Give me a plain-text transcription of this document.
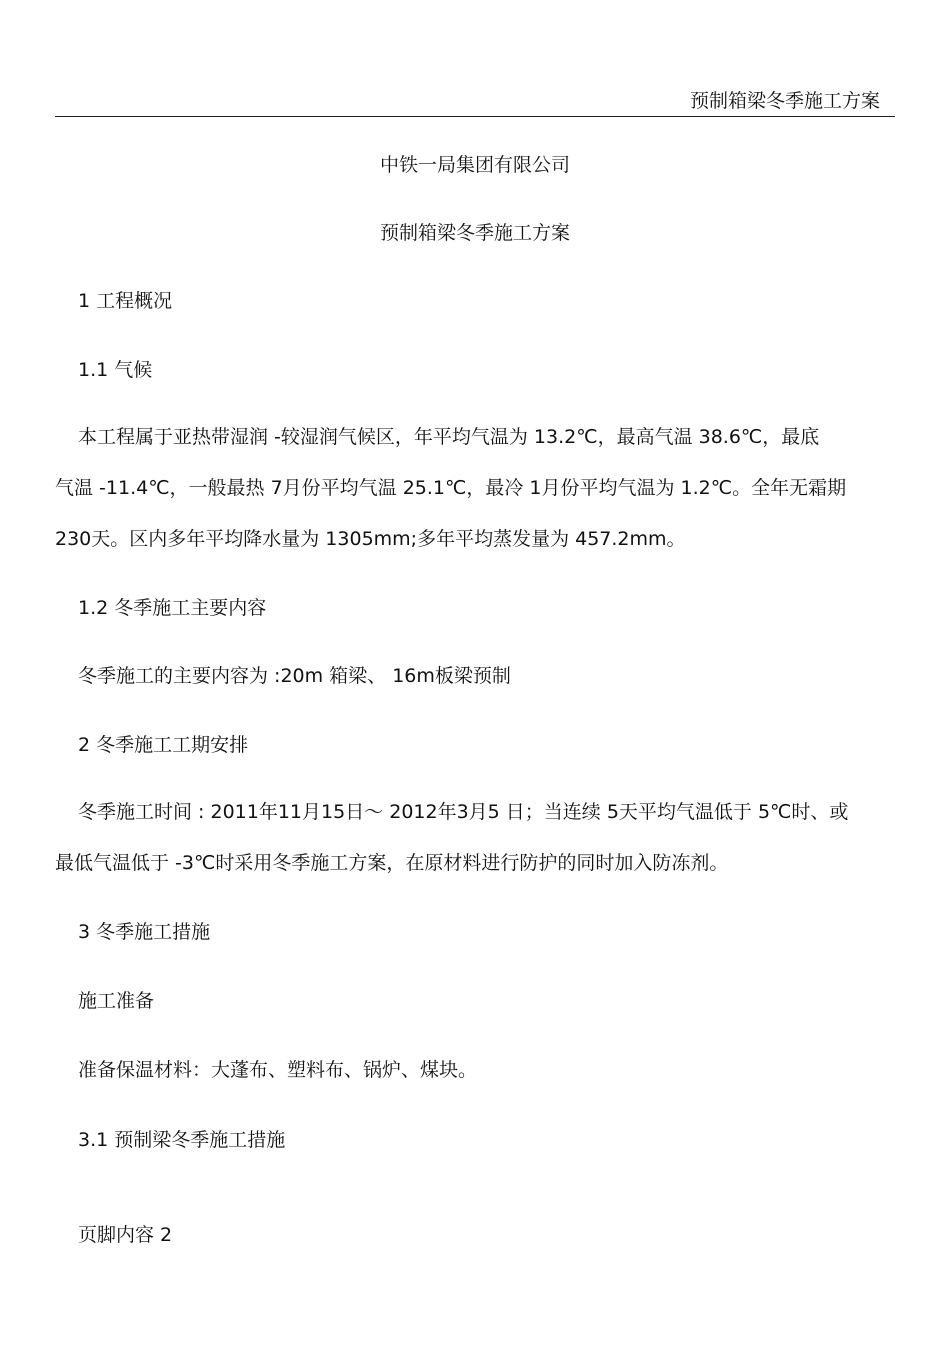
预制箱梁冬季施工方案
中铁一局集团有限公司
预制箱梁冬季施工方案
1 工程概况
1.1 气候
本工程属于亚热带湿润 -较湿润气候区，年平均气温为 13.2℃，最高气温 38.6℃，最底
气温 -11.4℃，一般最热 7月份平均气温 25.1℃，最冷 1月份平均气温为 1.2℃。全年无霜期
230天。区内多年平均降水量为 1305mm;多年平均蒸发量为 457.2mm。
1.2 冬季施工主要内容
冬季施工的主要内容为 :20m 箱梁、 16m板梁预制
2 冬季施工工期安排
冬季施工时间 : 2011年11月15日～ 2012年3月5 日；当连续 5天平均气温低于 5℃时、或
最低气温低于 -3℃时采用冬季施工方案，在原材料进行防护的同时加入防冻剂。
3 冬季施工措施
施工准备
准备保温材料：大蓬布、塑料布、锅炉、煤块。
3.1 预制梁冬季施工措施
页脚内容 2
